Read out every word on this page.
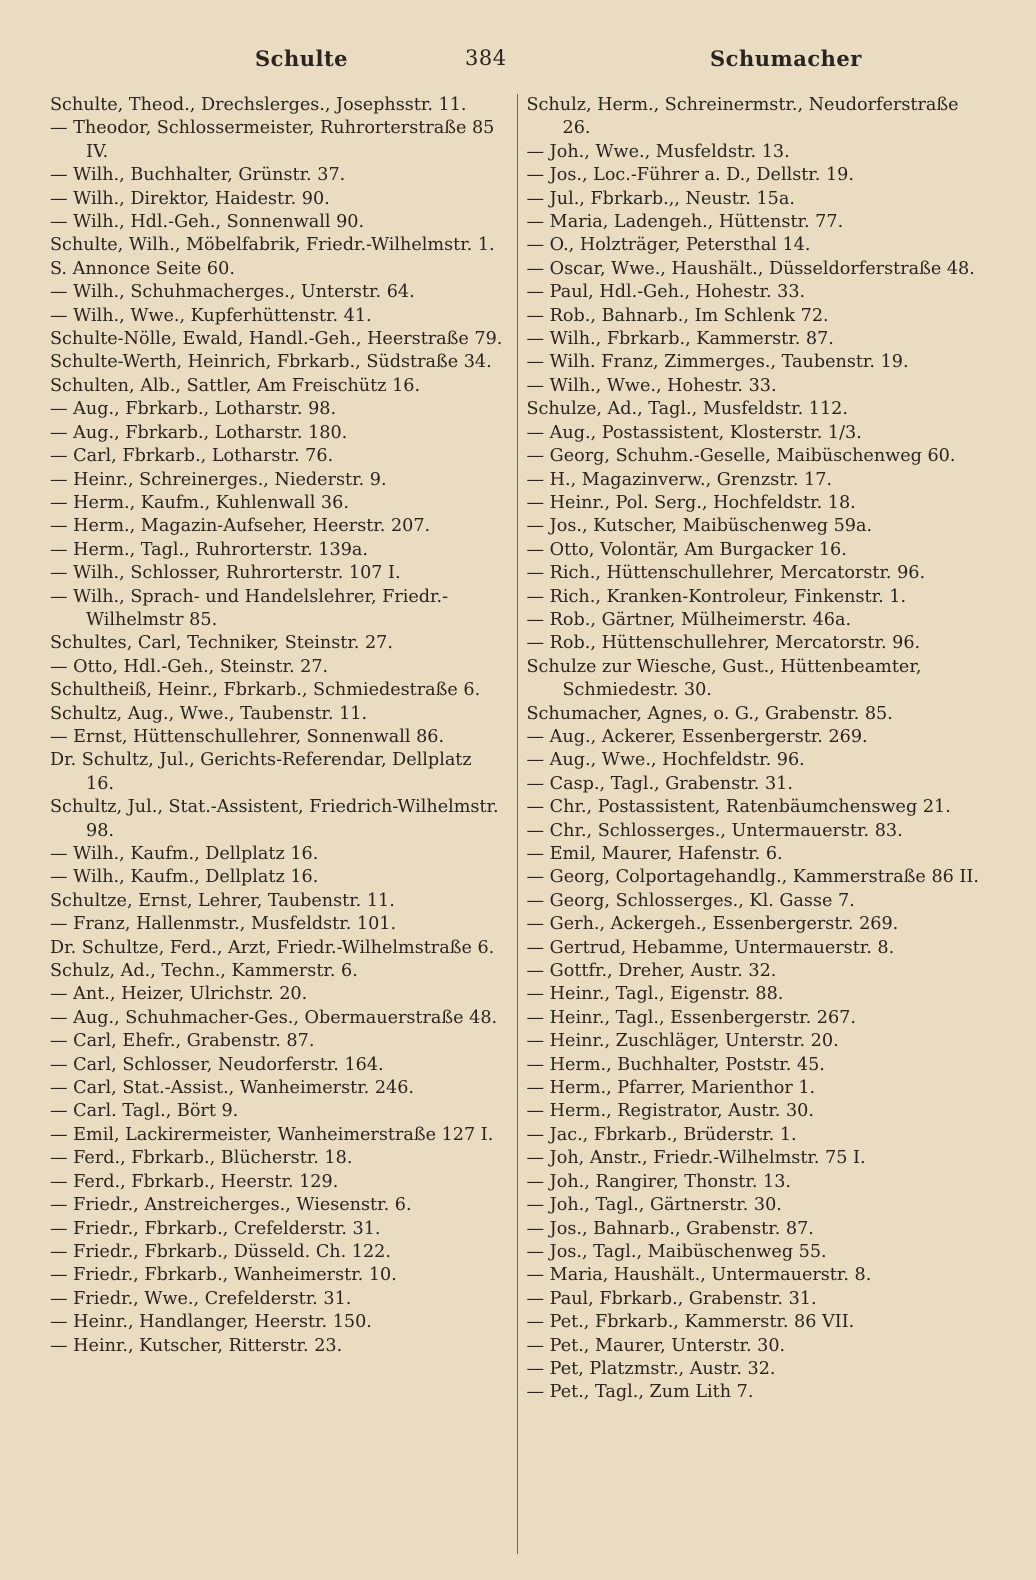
Schulte	384	Schumacher

Schulte, Theod., Drechslerges., Josephsstr. 11.

— Theodor, Schlossermeister, Ruhrorterstraße 85 IV.

— Wilh., Buchhalter, Grünstr. 37.

— Wilh., Direktor, Haidestr. 90.

— Wilh., Hdl.-Geh., Sonnenwall 90.

Schulte, Wilh., Möbelfabrik, Friedr.-Wilhelmstr. 1.

S. Annonce Seite 60.

— Wilh., Schuhmacherges., Unterstr. 64.

— Wilh., Wwe., Kupferhüttenstr. 41.

Schulte-Nölle, Ewald, Handl.-Geh., Heerstraße 79.

Schulte-Werth, Heinrich, Fbrkarb., Südstraße 34.

Schulten, Alb., Sattler, Am Freischütz 16.

— Aug., Fbrkarb., Lotharstr. 98.

— Aug., Fbrkarb., Lotharstr. 180.

— Carl, Fbrkarb., Lotharstr. 76.

— Heinr., Schreinerges., Niederstr. 9.

— Herm., Kaufm., Kuhlenwall 36.

— Herm., Magazin-Aufseher, Heerstr. 207.

— Herm., Tagl., Ruhrorterstr. 139a.

— Wilh., Schlosser, Ruhrorterstr. 107 I.

— Wilh., Sprach- und Handelslehrer, Friedr.-Wilhelmstr 85.

Schultes, Carl, Techniker, Steinstr. 27.

— Otto, Hdl.-Geh., Steinstr. 27.

Schultheiß, Heinr., Fbrkarb., Schmiedestraße 6.

Schultz, Aug., Wwe., Taubenstr. 11.

— Ernst, Hüttenschullehrer, Sonnenwall 86.

Dr. Schultz, Jul., Gerichts-Referendar, Dellplatz 16.

Schultz, Jul., Stat.-Assistent, Friedrich-Wilhelmstr. 98.

— Wilh., Kaufm., Dellplatz 16.

— Wilh., Kaufm., Dellplatz 16.

Schultze, Ernst, Lehrer, Taubenstr. 11.

— Franz, Hallenmstr., Musfeldstr. 101.

Dr. Schultze, Ferd., Arzt, Friedr.-Wilhelmstraße 6.

Schulz, Ad., Techn., Kammerstr. 6.

— Ant., Heizer, Ulrichstr. 20.

— Aug., Schuhmacher-Ges., Obermauerstraße 48.

— Carl, Ehefr., Grabenstr. 87.

— Carl, Schlosser, Neudorferstr. 164.

— Carl, Stat.-Assist., Wanheimerstr. 246.

— Carl. Tagl., Bört 9.

— Emil, Lackirermeister, Wanheimerstraße 127 I.

— Ferd., Fbrkarb., Blücherstr. 18.

— Ferd., Fbrkarb., Heerstr. 129.

— Friedr., Anstreicherges., Wiesenstr. 6.

— Friedr., Fbrkarb., Crefelderstr. 31.

— Friedr., Fbrkarb., Düsseld. Ch. 122.

— Friedr., Fbrkarb., Wanheimerstr. 10.

— Friedr., Wwe., Crefelderstr. 31.

— Heinr., Handlanger, Heerstr. 150.

— Heinr., Kutscher, Ritterstr. 23.

Schulz, Herm., Schreinermstr., Neudorferstraße 26.

— Joh., Wwe., Musfeldstr. 13.

— Jos., Loc.-Führer a. D., Dellstr. 19.

— Jul., Fbrkarb.,, Neustr. 15a.

— Maria, Ladengeh., Hüttenstr. 77.

— O., Holzträger, Petersthal 14.

— Oscar, Wwe., Haushält., Düsseldorferstraße 48.

— Paul, Hdl.-Geh., Hohestr. 33.

— Rob., Bahnarb., Im Schlenk 72.

— Wilh., Fbrkarb., Kammerstr. 87.

— Wilh. Franz, Zimmerges., Taubenstr. 19.

— Wilh., Wwe., Hohestr. 33.

Schulze, Ad., Tagl., Musfeldstr. 112.

— Aug., Postassistent, Klosterstr. 1/3.

— Georg, Schuhm.-Geselle, Maibüschenweg 60.

— H., Magazinverw., Grenzstr. 17.

— Heinr., Pol. Serg., Hochfeldstr. 18.

— Jos., Kutscher, Maibüschenweg 59a.

— Otto, Volontär, Am Burgacker 16.

— Rich., Hüttenschullehrer, Mercatorstr. 96.

— Rich., Kranken-Kontroleur, Finkenstr. 1.

— Rob., Gärtner, Mülheimerstr. 46a.

— Rob., Hüttenschullehrer, Mercatorstr. 96.

Schulze zur Wiesche, Gust., Hüttenbeamter, Schmiedestr. 30.

Schumacher, Agnes, o. G., Grabenstr. 85.

— Aug., Ackerer, Essenbergerstr. 269.

— Aug., Wwe., Hochfeldstr. 96.

— Casp., Tagl., Grabenstr. 31.

— Chr., Postassistent, Ratenbäumchensweg 21.

— Chr., Schlosserges., Untermauerstr. 83.

— Emil, Maurer, Hafenstr. 6.

— Georg, Colportagehandlg., Kammerstraße 86 II.

— Georg, Schlosserges., Kl. Gasse 7.

— Gerh., Ackergeh., Essenbergerstr. 269.

— Gertrud, Hebamme, Untermauerstr. 8.

— Gottfr., Dreher, Austr. 32.

— Heinr., Tagl., Eigenstr. 88.

— Heinr., Tagl., Essenbergerstr. 267.

— Heinr., Zuschläger, Unterstr. 20.

— Herm., Buchhalter, Poststr. 45.

— Herm., Pfarrer, Marienthor 1.

— Herm., Registrator, Austr. 30.

— Jac., Fbrkarb., Brüderstr. 1.

— Joh, Anstr., Friedr.-Wilhelmstr. 75 I.

— Joh., Rangirer, Thonstr. 13.

— Joh., Tagl., Gärtnerstr. 30.

— Jos., Bahnarb., Grabenstr. 87.

— Jos., Tagl., Maibüschenweg 55.

— Maria, Haushält., Untermauerstr. 8.

— Paul, Fbrkarb., Grabenstr. 31.

— Pet., Fbrkarb., Kammerstr. 86 VII.

— Pet., Maurer, Unterstr. 30.

— Pet, Platzmstr., Austr. 32.

— Pet., Tagl., Zum Lith 7.
